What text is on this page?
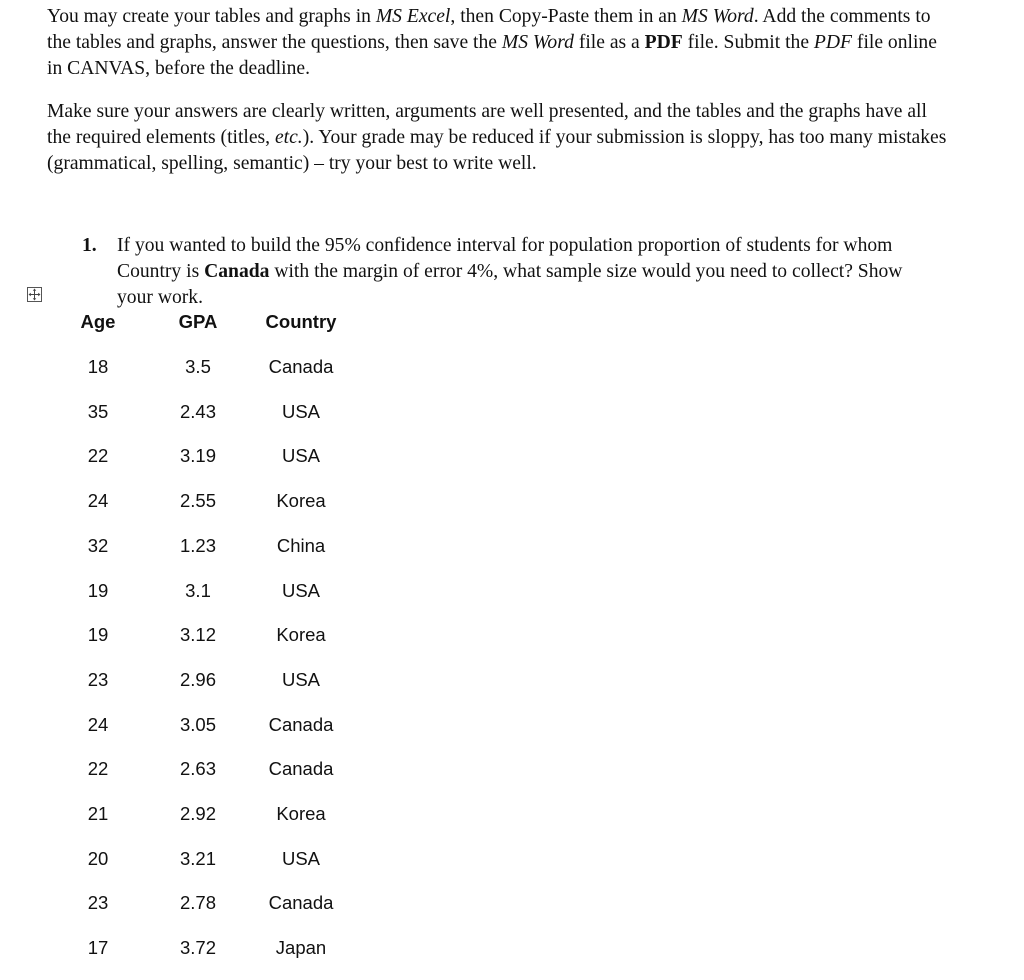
You may create your tables and graphs in MS Excel, then Copy-Paste them in an MS Word. Add the comments to the tables and graphs, answer the questions, then save the MS Word file as a PDF file. Submit the PDF file online in CANVAS, before the deadline.

Make sure your answers are clearly written, arguments are well presented, and the tables and the graphs have all the required elements (titles, etc.). Your grade may be reduced if your submission is sloppy, has too many mistakes (grammatical, spelling, semantic) – try your best to write well.

1. If you wanted to build the 95% confidence interval for population proportion of students for whom Country is Canada with the margin of error 4%, what sample size would you need to collect? Show your work.

Age	GPA	Country
18	3.5	Canada
35	2.43	USA
22	3.19	USA
24	2.55	Korea
32	1.23	China
19	3.1	USA
19	3.12	Korea
23	2.96	USA
24	3.05	Canada
22	2.63	Canada
21	2.92	Korea
20	3.21	USA
23	2.78	Canada
17	3.72	Japan
